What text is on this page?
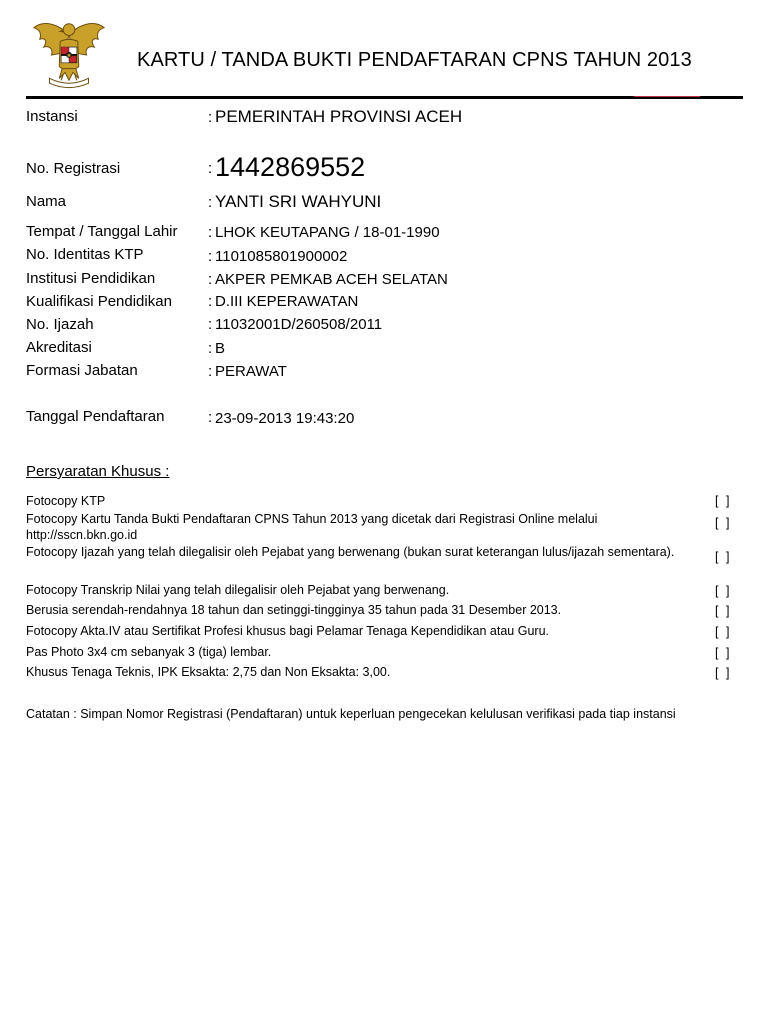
KARTU / TANDA BUKTI PENDAFTARAN CPNS TAHUN 2013
Instansi	: PEMERINTAH PROVINSI ACEH
No. Registrasi	: 1442869552
Nama	: YANTI SRI WAHYUNI
Tempat / Tanggal Lahir : LHOK KEUTAPANG / 18-01-1990
No. Identitas KTP	: 1101085801900002
Institusi Pendidikan	: AKPER PEMKAB ACEH SELATAN
Kualifikasi Pendidikan : D.III KEPERAWATAN
No. Ijazah	: 11032001D/260508/2011
Akreditasi	: B
Formasi Jabatan	: PERAWAT
Tanggal Pendaftaran	: 23-09-2013 19:43:20
Persyaratan Khusus :
Fotocopy KTP	[ ]
Fotocopy Kartu Tanda Bukti Pendaftaran CPNS Tahun 2013 yang dicetak dari Registrasi Online melalui
http://sscn.bkn.go.id
[ ]
Fotocopy Ijazah yang telah dilegalisir oleh Pejabat yang berwenang (bukan surat keterangan lulus/ijazah sementara).	[ ]
Fotocopy Transkrip Nilai yang telah dilegalisir oleh Pejabat yang berwenang.	[ ]
Berusia serendah-rendahnya 18 tahun dan setinggi-tingginya 35 tahun pada 31 Desember 2013.	[ ]
Fotocopy Akta.IV atau Sertifikat Profesi khusus bagi Pelamar Tenaga Kependidikan atau Guru.	[ ]
Pas Photo 3x4 cm sebanyak 3 (tiga) lembar.	[ ]
Khusus Tenaga Teknis, IPK Eksakta: 2,75 dan Non Eksakta: 3,00.	[ ]
Catatan : Simpan Nomor Registrasi (Pendaftaran) untuk keperluan pengecekan kelulusan verifikasi pada tiap instansi
